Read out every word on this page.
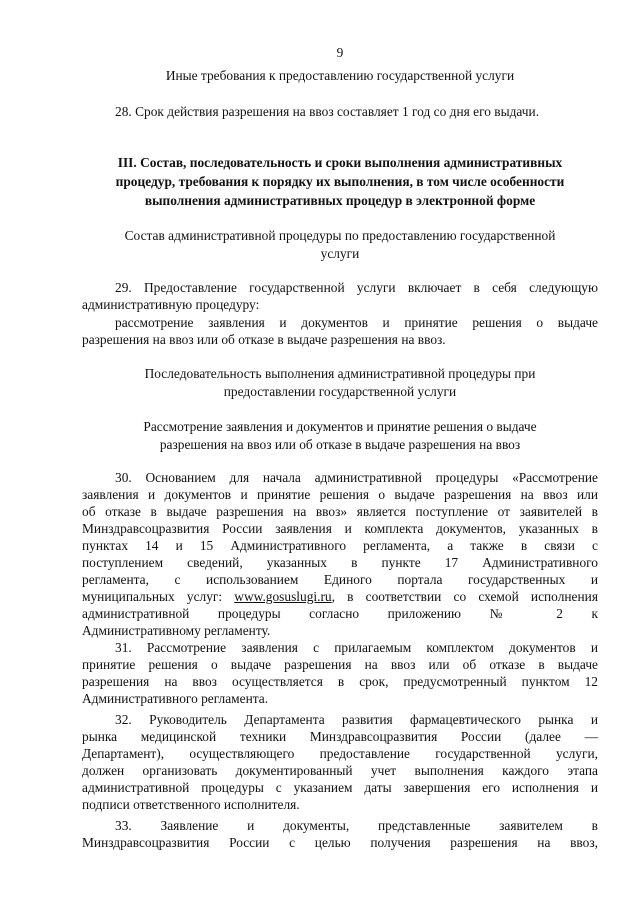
9
Иные требования к предоставлению государственной услуги
28. Срок действия разрешения на ввоз составляет 1 год со дня его выдачи.
III. Состав, последовательность и сроки выполнения административных
процедур, требования к порядку их выполнения, в том числе особенности
выполнения административных процедур в электронной форме
Состав административной процедуры по предоставлению государственной
услуги
29. Предоставление государственной услуги включает в себя следующую
административную процедуру:
рассмотрение заявления и документов и принятие решения о выдаче
разрешения на ввоз или об отказе в выдаче разрешения на ввоз.
Последовательность выполнения административной процедуры при
предоставлении государственной услуги
Рассмотрение заявления и документов и принятие решения о выдаче
разрешения на ввоз или об отказе в выдаче разрешения на ввоз
30. Основанием для начала административной процедуры «Рассмотрение
заявления и документов и принятие решения о выдаче разрешения на ввоз или
об отказе в выдаче разрешения на ввоз» является поступление от заявителей в
Минздравсоцразвития России заявления и комплекта документов, указанных в
пунктах 14 и 15 Административного регламента, а также в связи с
поступлением сведений, указанных в пункте 17 Административного
регламента, с использованием Единого портала государственных и
муниципальных услуг: www.gosuslugi.ru, в соответствии со схемой исполнения
административной процедуры согласно приложению № 2 к
Административному регламенту.
31. Рассмотрение заявления с прилагаемым комплектом документов и
принятие решения о выдаче разрешения на ввоз или об отказе в выдаче
разрешения на ввоз осуществляется в срок, предусмотренный пунктом 12
Административного регламента.
32. Руководитель Департамента развития фармацевтического рынка и
рынка медицинской техники Минздравсоцразвития России (далее —
Департамент), осуществляющего предоставление государственной услуги,
должен организовать документированный учет выполнения каждого этапа
административной процедуры с указанием даты завершения его исполнения и
подписи ответственного исполнителя.
33. Заявление и документы, представленные заявителем в
Минздравсоцразвития России с целью получения разрешения на ввоз,
